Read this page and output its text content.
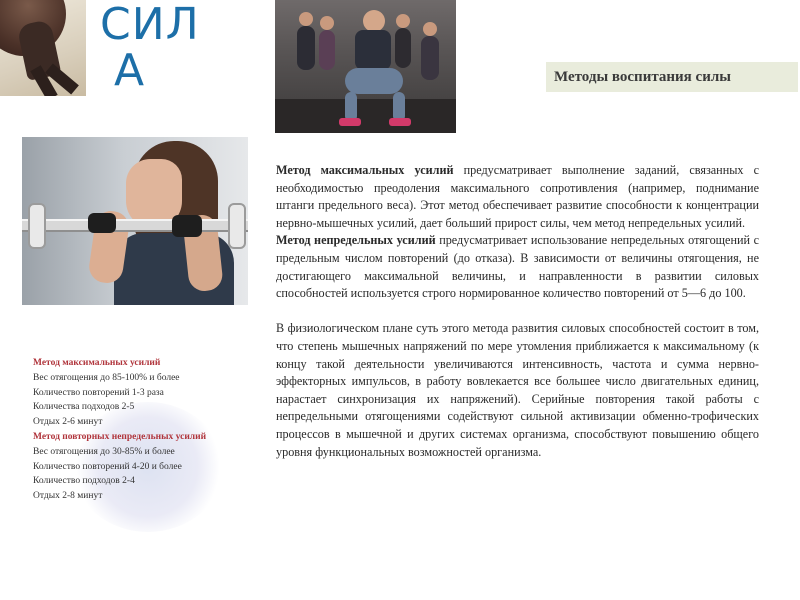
СИЛ
А	Методы воспитания силы
Метод максимальных усилий
Вес отягощения до 85-100% и более
Количество повторений 1-3 раза
Количества подходов 2-5
Отдых 2-6 минут
Метод повторных непредельных усилий
Вес отягощения до 30-85% и более
Количество повторений 4-20 и более
Количество подходов 2-4
Отдых 2-8 минут

Метод максимальных усилий предусматривает выполнение заданий, связанных с необходимостью преодоления максимального сопротивления (например, поднимание штанги предельного веса). Этот метод обеспечивает развитие способности к концентрации нервно-мышечных усилий, дает больший прирост силы, чем метод непредельных усилий.

Метод непредельных усилий предусматривает использование непредельных отягощений с предельным числом повторений (до отказа). В зависимости от величины отягощения, не достигающего максимальной величины, и направленности в развитии силовых способностей используется строго нормированное количество повторений от 5—6 до 100.

В физиологическом плане суть этого метода развития силовых способностей состоит в том, что степень мышечных напряжений по мере утомления приближается к максимальному (к концу такой деятельности увеличиваются интенсивность, частота и сумма нервно-эффекторных импульсов, в работу вовлекается все большее число двигательных единиц, нарастает синхронизация их напряжений). Серийные повторения такой работы с непредельными отягощениями содействуют сильной активизации обменно-трофических процессов в мышечной и других системах организма, способствуют повышению общего уровня функциональных возможностей организма.
